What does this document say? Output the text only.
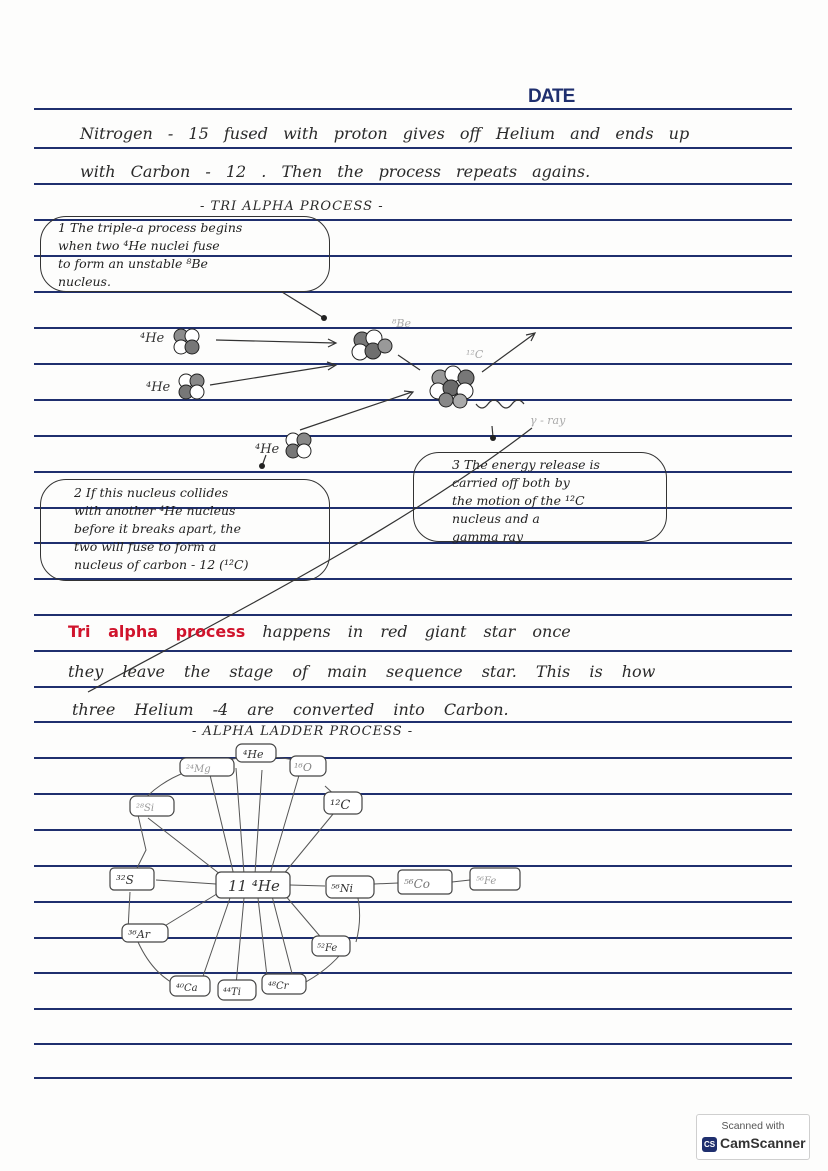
DATE
Nitrogen - 15 fused with proton gives off Helium and ends up
with Carbon - 12 . Then the process repeats agains.
- TRI ALPHA PROCESS -
1 The triple-a process begins
when two ⁴He nuclei fuse
to form an unstable ⁸Be
nucleus.
2 If this nucleus collides
with another ⁴He nucleus
before it breaks apart, the
two will fuse to form a
nucleus of carbon - 12 (¹²C)
3 The energy release is
carried off both by
the motion of the ¹²C
nucleus and a
gamma ray
⁴He
⁴He
⁴He
⁸Be
¹²C
γ - ray
Tri alpha process happens in red giant star once
they leave the stage of main sequence star. This is how
three Helium -4 are converted into Carbon.
- ALPHA LADDER PROCESS -
11 ⁴He
²⁴Mg
⁴He
¹⁶O
¹²C
²⁸Si
³²S
³⁶Ar
⁴⁰Ca	⁴⁴Ti
⁴⁸Cr
⁵²Fe
⁵⁶Ni	⁵⁶Co	⁵⁶Fe
Scanned with
CS CamScanner
